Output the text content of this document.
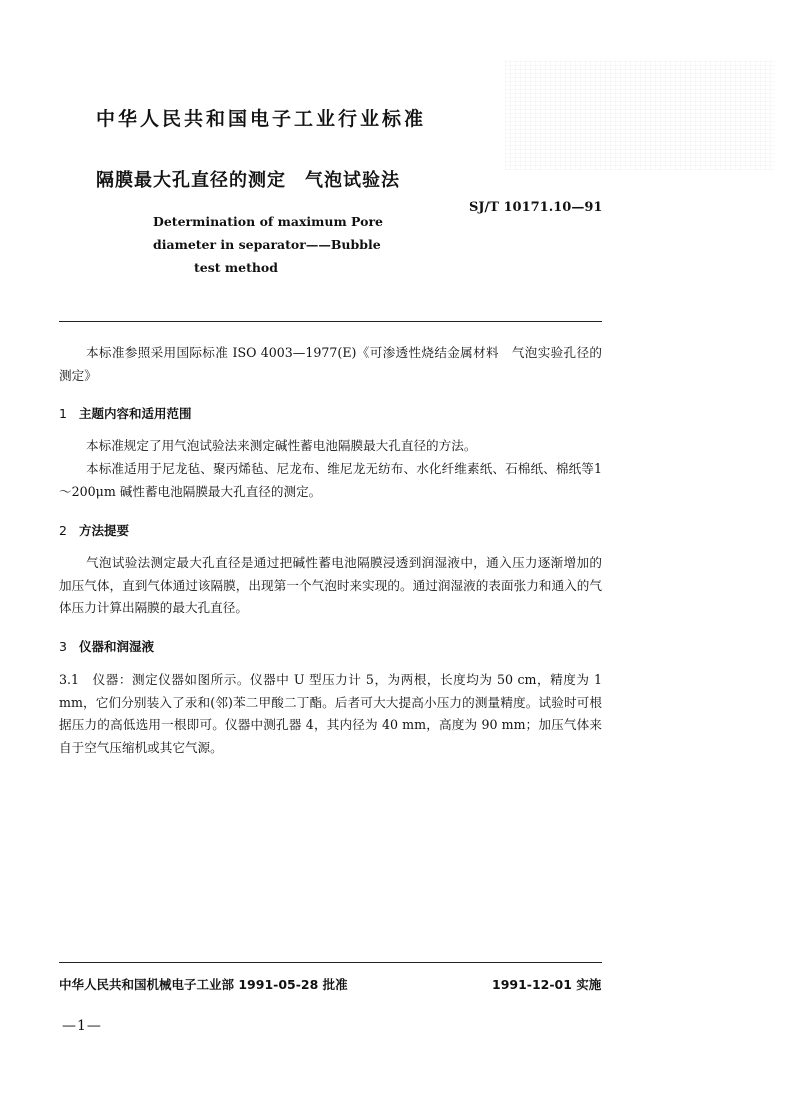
中华人民共和国电子工业行业标准
隔膜最大孔直径的测定　气泡试验法
Determination of maximum Pore
diameter in separator——Bubble
test method
SJ/T 10171.10—91
本标准参照采用国际标准 ISO 4003—1977(E)《可渗透性烧结金属材料　气泡实验孔径的测定》
1 主题内容和适用范围
本标准规定了用气泡试验法来测定碱性蓄电池隔膜最大孔直径的方法。
本标准适用于尼龙毡、聚丙烯毡、尼龙布、维尼龙无纺布、水化纤维素纸、石棉纸、棉纸等1～200μm 碱性蓄电池隔膜最大孔直径的测定。
2 方法提要
气泡试验法测定最大孔直径是通过把碱性蓄电池隔膜浸透到润湿液中，通入压力逐渐增加的加压气体，直到气体通过该隔膜，出现第一个气泡时来实现的。通过润湿液的表面张力和通入的气体压力计算出隔膜的最大孔直径。
3 仪器和润湿液
3.1　仪器：测定仪器如图所示。仪器中 U 型压力计 5，为两根，长度均为 50 cm，精度为 1 mm，它们分别装入了汞和(邻)苯二甲酸二丁酯。后者可大大提高小压力的测量精度。试验时可根据压力的高低选用一根即可。仪器中测孔器 4，其内径为 40 mm，高度为 90 mm；加压气体来自于空气压缩机或其它气源。
中华人民共和国机械电子工业部 1991-05-28 批准	1991-12-01 实施
—1—
